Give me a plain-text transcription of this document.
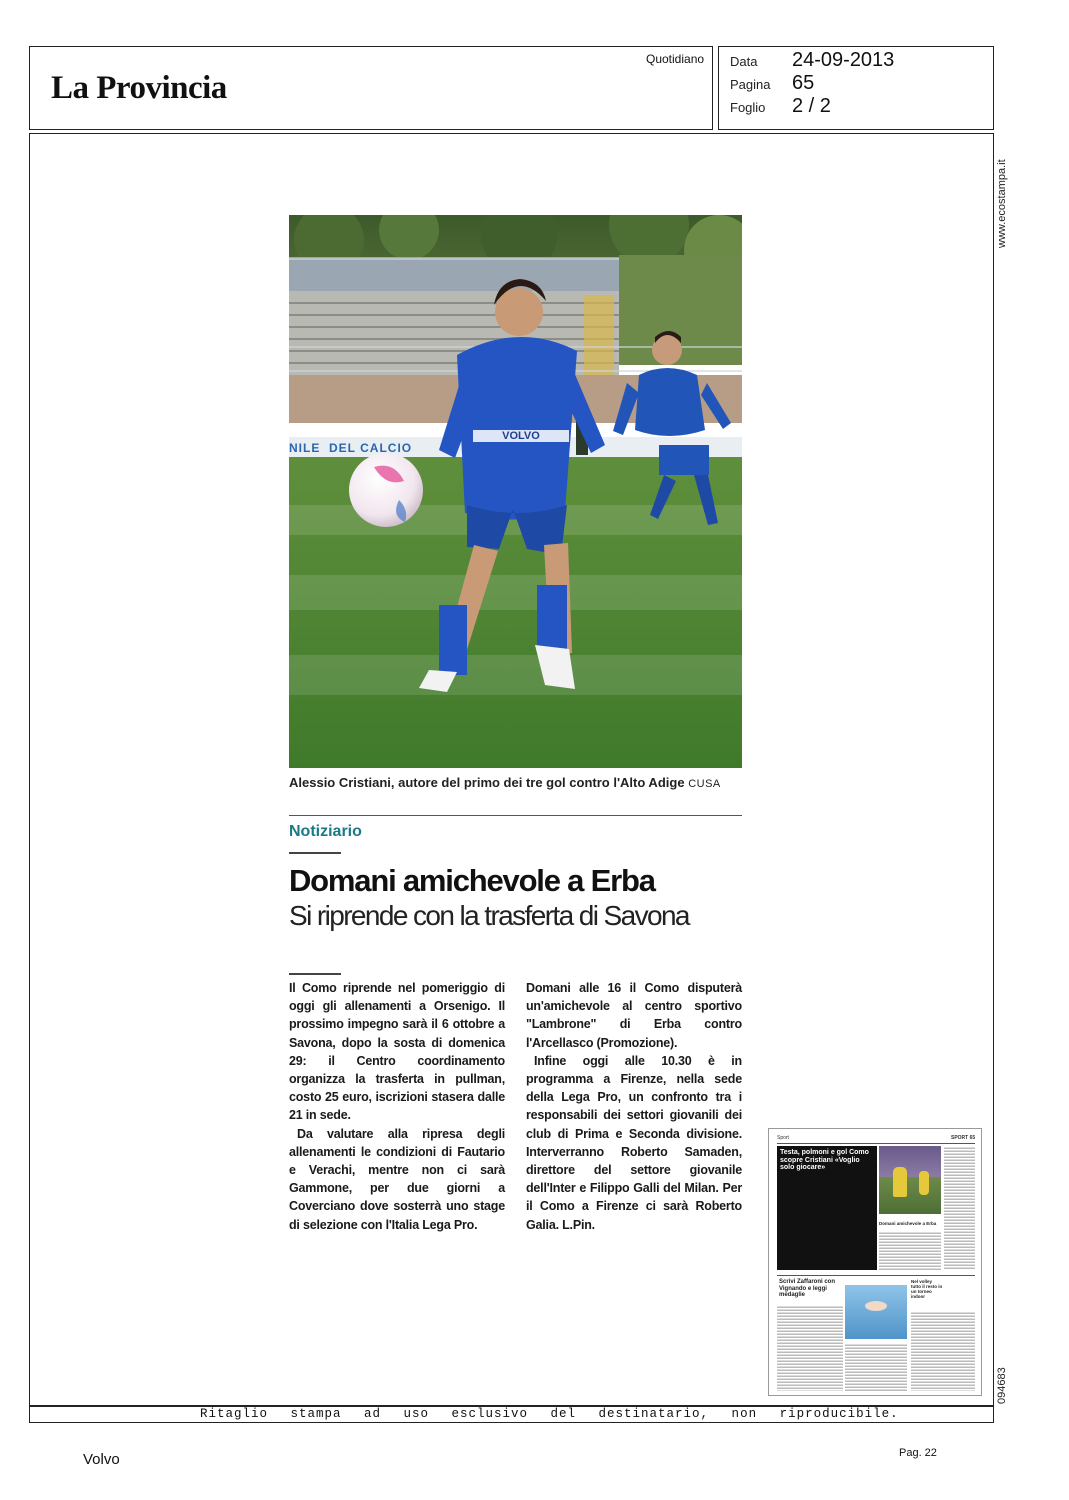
La Provincia
Quotidiano Data 24-09-2013
Pagina 65
Foglio 2 / 2
www.ecostampa.it
094683
VOLVO
NILE  DEL CALCIO
Alessio Cristiani, autore del primo dei tre gol contro l'Alto Adige CUSA
Notiziario
Domani amichevole a Erba
Si riprende con la trasferta di Savona

Il Como riprende nel pomeriggio di oggi gli allenamenti a Orsenigo. Il prossimo impegno sarà il 6 ottobre a Savona, dopo la sosta di domenica 29: il Centro coordinamento organizza la trasferta in pullman, costo 25 euro, iscrizioni stasera dalle 21 in sede.

Da valutare alla ripresa degli allenamenti le condizioni di Fautario e Verachi, mentre non ci sarà Gammone, per due giorni a Coverciano dove sosterrà uno stage di selezione con l'Italia Lega Pro.

Domani alle 16 il Como disputerà un'amichevole al centro sportivo "Lambrone" di Erba contro l'Arcellasco (Promozione).

Infine oggi alle 10.30 è in programma a Firenze, nella sede della Lega Pro, un confronto tra i responsabili dei settori giovanili dei club di Prima e Seconda divisione. Interverranno Roberto Samaden, direttore del settore giovanile dell'Inter e Filippo Galli del Milan. Per il Como a Firenze ci sarà Roberto Galia. L.Pin.

Sport	SPORT 65
Testa, polmoni e gol Como scopre Cristiani «Voglio solo giocare»
Domani amichevole a Erba
Scrivi Zaffaroni con Vignando e leggi medaglie
Nel volley tutto il resto in un torneo indoor
Ritaglio stampa ad uso esclusivo del destinatario, non riproducibile.
Volvo	Pag. 22
